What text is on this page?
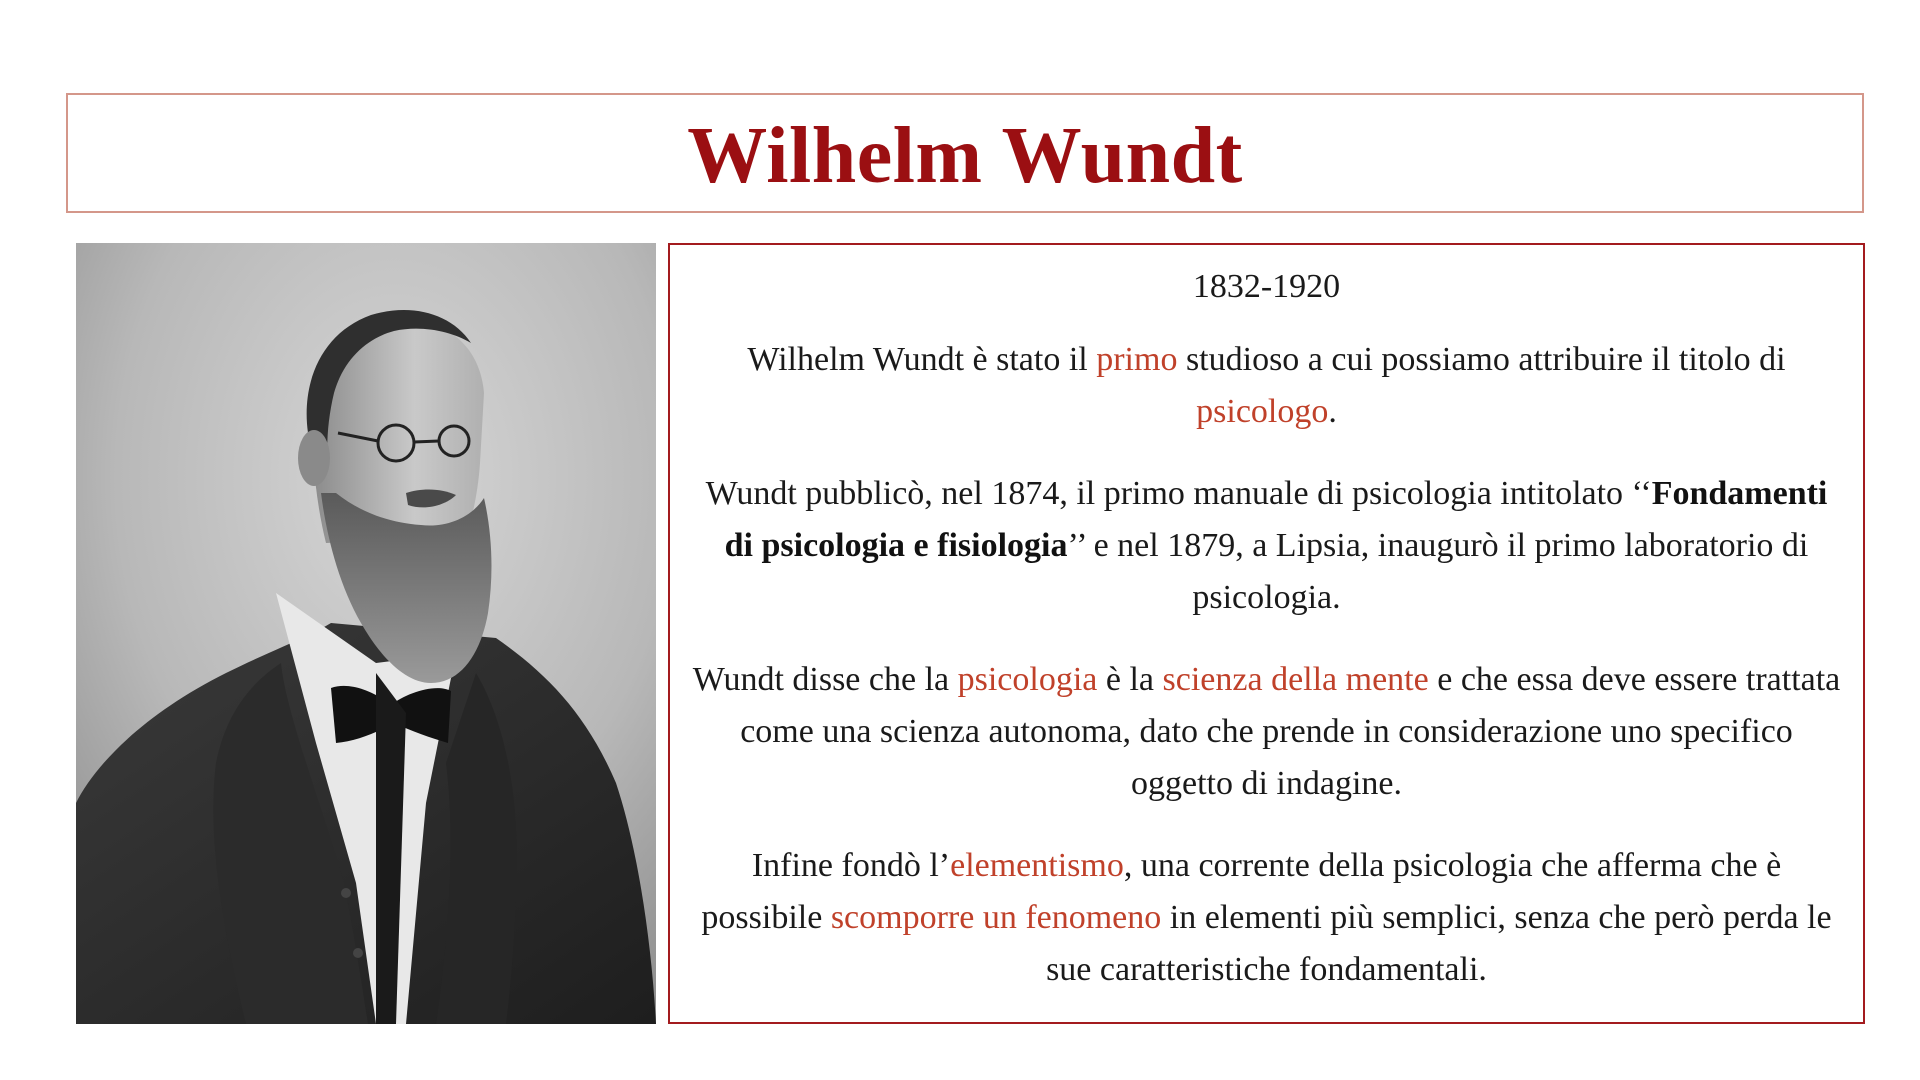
Wilhelm Wundt

1832-1920

Wilhelm Wundt è stato il primo studioso a cui possiamo attribuire il titolo di psicologo.

Wundt pubblicò, nel 1874, il primo manuale di psicologia intitolato ‘‘Fondamenti di psicologia e fisiologia’’ e nel 1879, a Lipsia, inaugurò il primo laboratorio di psicologia.

Wundt disse che la psicologia è la scienza della mente e che essa deve essere trattata come una scienza autonoma, dato che prende in considerazione uno specifico oggetto di indagine.

Infine fondò l’elementismo, una corrente della psicologia che afferma che è possibile scomporre un fenomeno in elementi più semplici, senza che però perda le sue caratteristiche fondamentali.
